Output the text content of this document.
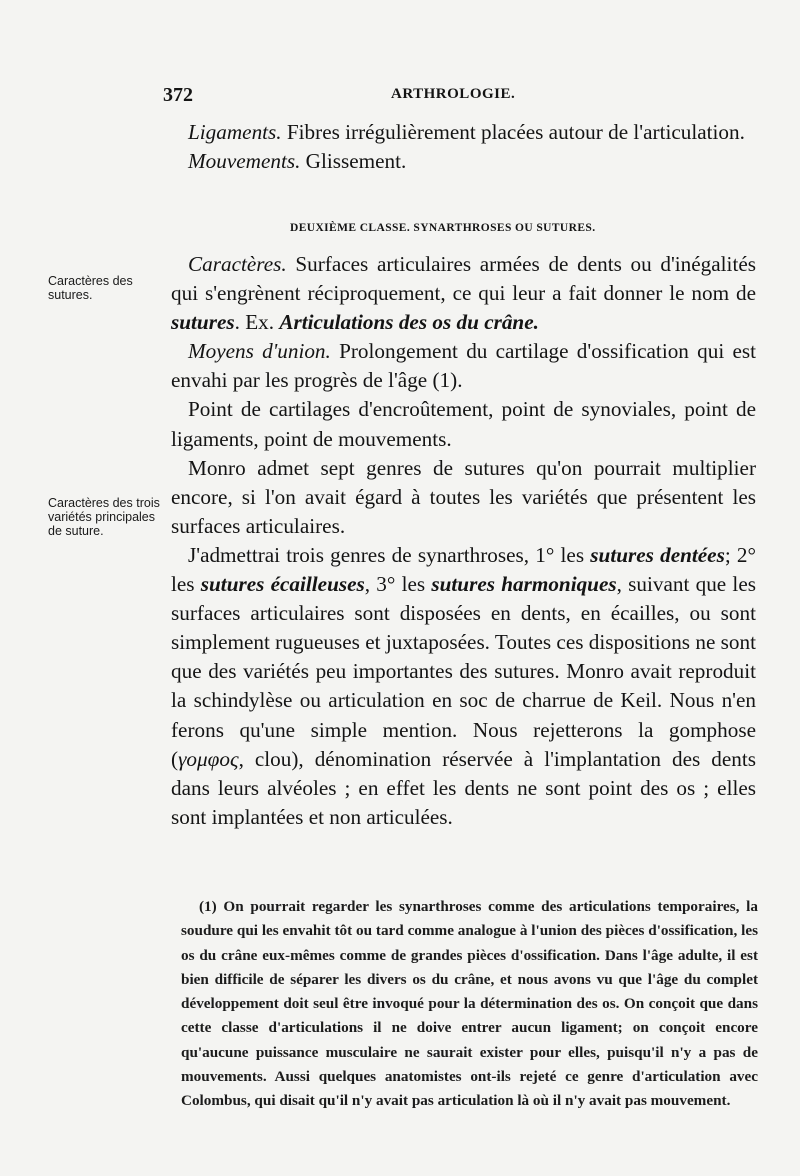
372	ARTHROLOGIE.

Ligaments. Fibres irrégulièrement placées autour de l'articulation.

Mouvements. Glissement.

DEUXIÈME CLASSE. SYNARTHROSES OU SUTURES.
Caractères des sutures.
Caractères des trois variétés principales de suture.

Caractères. Surfaces articulaires armées de dents ou d'inégalités qui s'engrènent réciproquement, ce qui leur a fait donner le nom de sutures. Ex. Articulations des os du crâne.

Moyens d'union. Prolongement du cartilage d'ossification qui est envahi par les progrès de l'âge (1).

Point de cartilages d'encroûtement, point de synoviales, point de ligaments, point de mouvements.

Monro admet sept genres de sutures qu'on pourrait multiplier encore, si l'on avait égard à toutes les variétés que présentent les surfaces articulaires.

J'admettrai trois genres de synarthroses, 1° les sutures dentées; 2° les sutures écailleuses, 3° les sutures harmoniques, suivant que les surfaces articulaires sont disposées en dents, en écailles, ou sont simplement rugueuses et juxtaposées. Toutes ces dispositions ne sont que des variétés peu importantes des sutures. Monro avait reproduit la schindylèse ou articulation en soc de charrue de Keil. Nous n'en ferons qu'une simple mention. Nous rejetterons la gomphose (γομφος, clou), dénomination réservée à l'implantation des dents dans leurs alvéoles ; en effet les dents ne sont point des os ; elles sont implantées et non articulées.

(1) On pourrait regarder les synarthroses comme des articulations temporaires, la soudure qui les envahit tôt ou tard comme analogue à l'union des pièces d'ossification, les os du crâne eux-mêmes comme de grandes pièces d'ossification. Dans l'âge adulte, il est bien difficile de séparer les divers os du crâne, et nous avons vu que l'âge du complet développement doit seul être invoqué pour la détermination des os. On conçoit que dans cette classe d'articulations il ne doive entrer aucun ligament; on conçoit encore qu'aucune puissance musculaire ne saurait exister pour elles, puisqu'il n'y a pas de mouvements. Aussi quelques anatomistes ont-ils rejeté ce genre d'articulation avec Colombus, qui disait qu'il n'y avait pas articulation là où il n'y avait pas mouvement.
